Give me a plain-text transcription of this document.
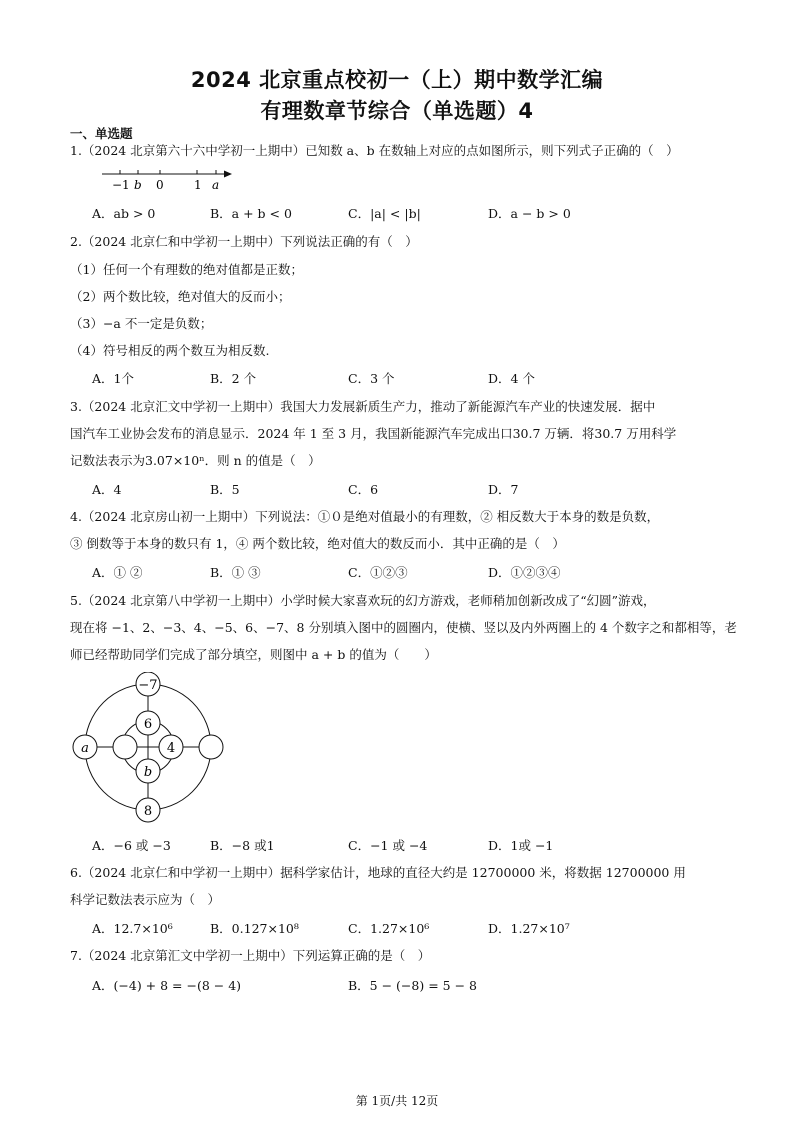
2024 北京重点校初一（上）期中数学汇编
有理数章节综合（单选题）4
一、单选题
1.（2024 北京第六十六中学初一上期中）已知数 a、b 在数轴上对应的点如图所示，则下列式子正确的（　）
−1 b 0	1 a
A．ab > 0	B．a + b < 0	C．|a| < |b|	D．a − b > 0
2.（2024 北京仁和中学初一上期中）下列说法正确的有（　）
（1）任何一个有理数的绝对值都是正数；
（2）两个数比较，绝对值大的反而小；
（3）−a 不一定是负数；
（4）符号相反的两个数互为相反数.
A．1个	B．2 个	C．3 个	D．4 个
3.（2024 北京汇文中学初一上期中）我国大力发展新质生产力，推动了新能源汽车产业的快速发展．据中
国汽车工业协会发布的消息显示．2024 年 1 至 3 月，我国新能源汽车完成出口30.7 万辆．将30.7 万用科学
记数法表示为3.07×10ⁿ．则 n 的值是（　）
A．4	B．5	C．6	D．7
4.（2024 北京房山初一上期中）下列说法：①０是绝对值最小的有理数，② 相反数大于本身的数是负数，
③ 倒数等于本身的数只有 1，④ 两个数比较，绝对值大的数反而小．其中正确的是（　）
A．① ②	B．① ③	C．①②③	D．①②③④
5.（2024 北京第八中学初一上期中）小学时候大家喜欢玩的幻方游戏，老师稍加创新改成了“幻圆”游戏，
现在将 −1、2、−3、4、−5、6、−7、8 分别填入图中的圆圈内，使横、竖以及内外两圈上的 4 个数字之和都相等，老
师已经帮助同学们完成了部分填空，则图中 a + b 的值为（　　）
−7
6
a	4
b
8
A．−6 或 −3	B．−8 或1	C．−1 或 −4	D．1或 −1
6.（2024 北京仁和中学初一上期中）据科学家估计，地球的直径大约是 12700000 米，将数据 12700000 用
科学记数法表示应为（　）
A．12.7×10⁶	B．0.127×10⁸	C．1.27×10⁶	D．1.27×10⁷
7.（2024 北京第汇文中学初一上期中）下列运算正确的是（　）
A．(−4) + 8 = −(8 − 4)	B．5 − (−8) = 5 − 8
第 1页/共 12页
